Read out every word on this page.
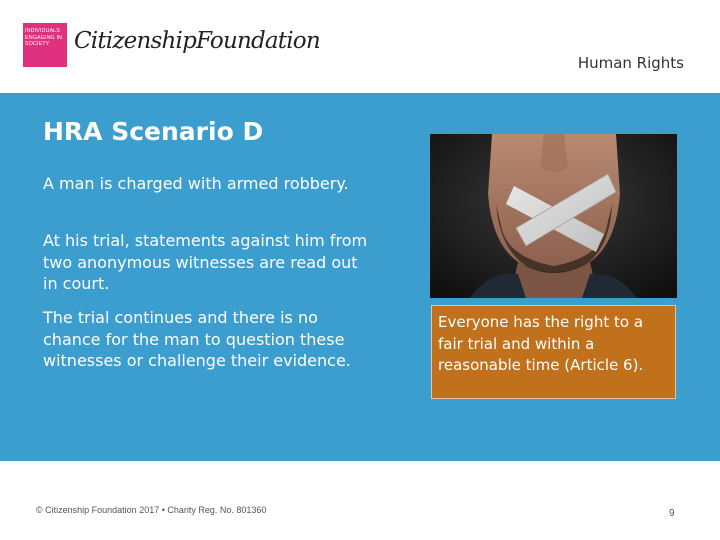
INDIVIDUALS
ENGAGING IN
SOCIETY	CitizenshipFoundation
Human Rights
HRA Scenario D

A man is charged with armed robbery.

At his trial, statements against him from two anonymous witnesses are read out in court.

The trial continues and there is no chance for the man to question these witnesses or challenge their evidence.

Everyone has the right to a fair trial and within a reasonable time (Article 6).
© Citizenship Foundation 2017 • Charity Reg. No. 801360	9
